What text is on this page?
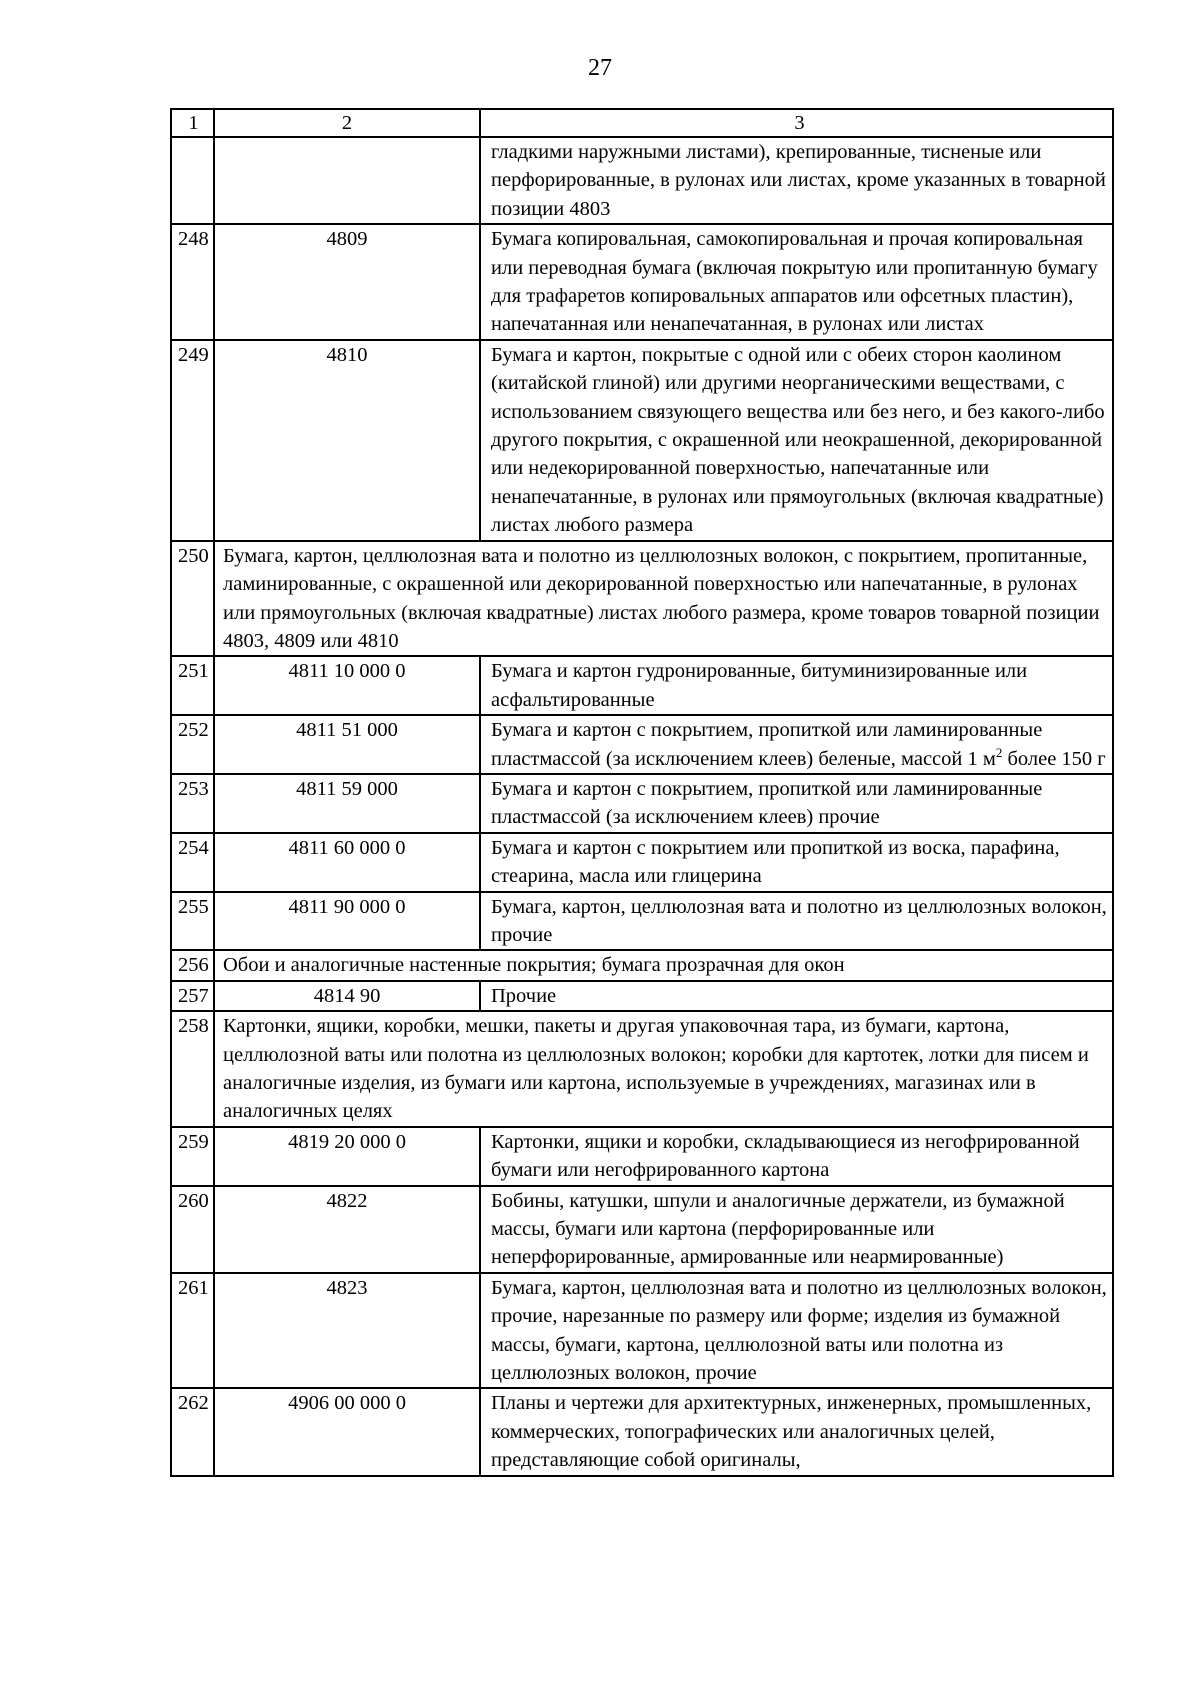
27
1	2	3
		гладкими наружными листами), крепированные, тисненые или перфорированные, в рулонах или листах, кроме указанных в товарной позиции 4803
248	4809	Бумага копировальная, самокопировальная и прочая копировальная или переводная бумага (включая покрытую или пропитанную бумагу для трафаретов копировальных аппаратов или офсетных пластин), напечатанная или ненапечатанная, в рулонах или листах
249	4810	Бумага и картон, покрытые с одной или с обеих сторон каолином (китайской глиной) или другими неорганическими веществами, с использованием связующего вещества или без него, и без какого-либо другого покрытия, с окрашенной или неокрашенной, декорированной или недекорированной поверхностью, напечатанные или ненапечатанные, в рулонах или прямоугольных (включая квадратные) листах любого размера
250	Бумага, картон, целлюлозная вата и полотно из целлюлозных волокон, с покрытием, пропитанные, ламинированные, с окрашенной или декорированной поверхностью или напечатанные, в рулонах или прямоугольных (включая квадратные) листах любого размера, кроме товаров товарной позиции 4803, 4809 или 4810	
251	4811 10 000 0	Бумага и картон гудронированные, битуминизированные или асфальтированные
252	4811 51 000	Бумага и картон с покрытием, пропиткой или ламинированные пластмассой (за исключением клеев) беленые, массой 1 $м^2$ более 150 г
253	4811 59 000	Бумага и картон с покрытием, пропиткой или ламинированные пластмассой (за исключением клеев) прочие
254	4811 60 000 0	Бумага и картон с покрытием или пропиткой из воска, парафина, стеарина, масла или глицерина
255	4811 90 000 0	Бумага, картон, целлюлозная вата и полотно из целлюлозных волокон, прочие
256	Обои и аналогичные настенные покрытия; бумага прозрачная для окон	
257	4814 90	Прочие
258	Картонки, ящики, коробки, мешки, пакеты и другая упаковочная тара, из бумаги, картона, целлюлозной ваты или полотна из целлюлозных волокон; коробки для картотек, лотки для писем и аналогичные изделия, из бумаги или картона, используемые в учреждениях, магазинах или в аналогичных целях	
259	4819 20 000 0	Картонки, ящики и коробки, складывающиеся из негофрированной бумаги или негофрированного картона
260	4822	Бобины, катушки, шпули и аналогичные держатели, из бумажной массы, бумаги или картона (перфорированные или неперфорированные, армированные или неармированные)
261	4823	Бумага, картон, целлюлозная вата и полотно из целлюлозных волокон, прочие, нарезанные по размеру или форме; изделия из бумажной массы, бумаги, картона, целлюлозной ваты или полотна из целлюлозных волокон, прочие
262	4906 00 000 0	Планы и чертежи для архитектурных, инженерных, промышленных, коммерческих, топографических или аналогичных целей, представляющие собой оригиналы,
